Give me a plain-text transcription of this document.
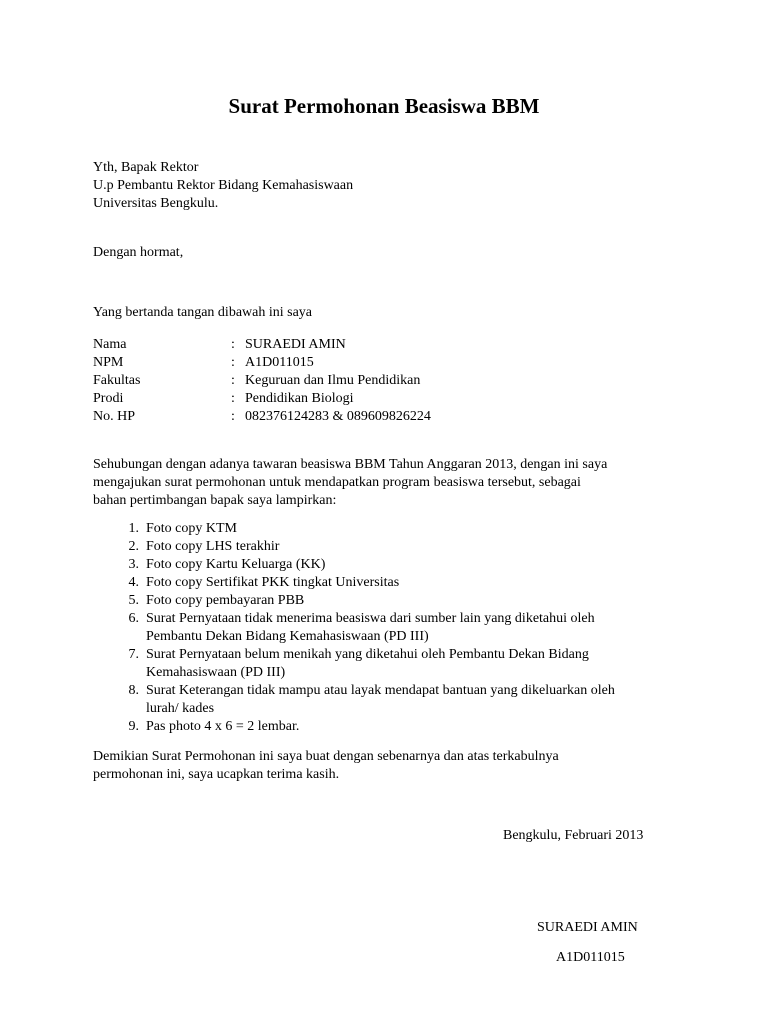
Surat Permohonan Beasiswa BBM
Yth, Bapak Rektor
U.p Pembantu Rektor Bidang Kemahasiswaan
Universitas Bengkulu.
Dengan hormat,
Yang bertanda tangan dibawah ini saya
Nama	: SURAEDI AMIN
NPM	: A1D011015
Fakultas	: Keguruan dan Ilmu Pendidikan
Prodi	: Pendidikan Biologi
No. HP	: 082376124283 & 089609826224
Sehubungan dengan adanya tawaran beasiswa BBM Tahun Anggaran 2013, dengan ini saya
mengajukan surat permohonan untuk mendapatkan program beasiswa tersebut, sebagai
bahan pertimbangan bapak saya lampirkan:
1. Foto copy KTM
2. Foto copy LHS terakhir
3. Foto copy Kartu Keluarga (KK)
4. Foto copy Sertifikat PKK tingkat Universitas
5. Foto copy pembayaran PBB
6. Surat Pernyataan tidak menerima beasiswa dari sumber lain yang diketahui oleh
Pembantu Dekan Bidang Kemahasiswaan (PD III)
7. Surat Pernyataan belum menikah yang diketahui oleh Pembantu Dekan Bidang
Kemahasiswaan (PD III)
8. Surat Keterangan tidak mampu atau layak mendapat bantuan yang dikeluarkan oleh
lurah/ kades
9. Pas photo 4 x 6 = 2 lembar.
Demikian Surat Permohonan ini saya buat dengan sebenarnya dan atas terkabulnya
permohonan ini, saya ucapkan terima kasih.
Bengkulu, Februari 2013
SURAEDI AMIN
A1D011015
